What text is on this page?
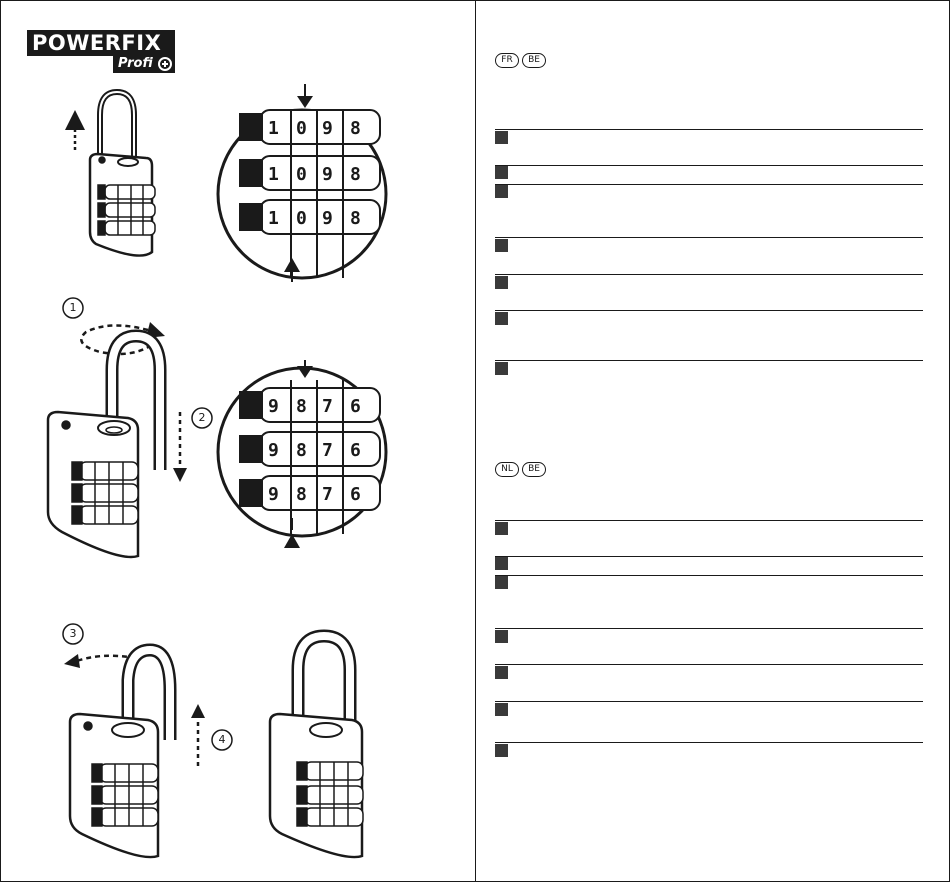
POWERFIX
Profi
1 0 9 8
1 0 9 8
1 0 9 8
9 8 7 6
9 8 7 6
9 8 7 6
1
2
3
4
FR	BE
NL	BE
